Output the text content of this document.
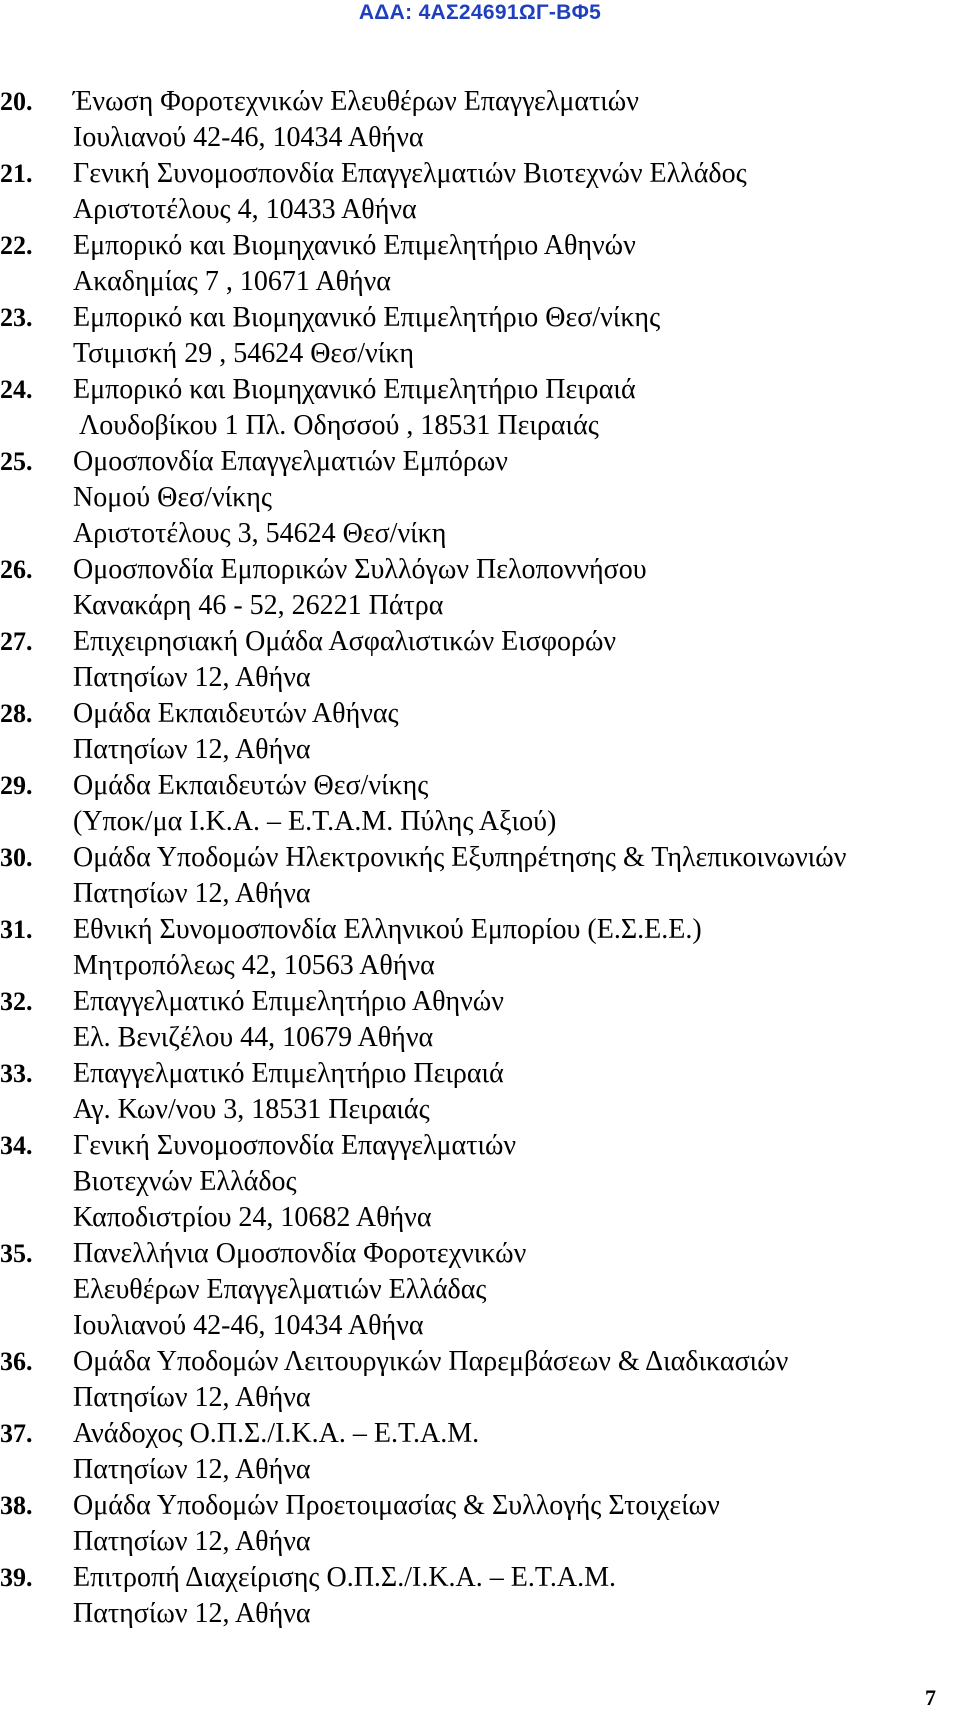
ΑΔΑ: 4ΑΣ24691ΩΓ-ΒΦ5
20.	Ένωση Φοροτεχνικών Ελευθέρων Επαγγελματιών
Ιουλιανού 42-46, 10434 Αθήνα
21.	Γενική Συνομοσπονδία Επαγγελματιών Βιοτεχνών Ελλάδος
Αριστοτέλους 4, 10433 Αθήνα
22.	Εμπορικό και Βιομηχανικό Επιμελητήριο Αθηνών
Ακαδημίας 7 , 10671 Αθήνα
23.	Εμπορικό και Βιομηχανικό Επιμελητήριο Θεσ/νίκης
Τσιμισκή 29 , 54624 Θεσ/νίκη
24.	Εμπορικό και Βιομηχανικό Επιμελητήριο Πειραιά
Λουδοβίκου 1 Πλ. Οδησσού , 18531 Πειραιάς
25.	Ομοσπονδία Επαγγελματιών Εμπόρων
Νομού Θεσ/νίκης
Αριστοτέλους 3, 54624 Θεσ/νίκη
26.	Ομοσπονδία Εμπορικών Συλλόγων Πελοποννήσου
Κανακάρη 46 - 52, 26221 Πάτρα
27.	Επιχειρησιακή Ομάδα Ασφαλιστικών Εισφορών
Πατησίων 12, Αθήνα
28.	Ομάδα Εκπαιδευτών Αθήνας
Πατησίων 12, Αθήνα
29.	Ομάδα Εκπαιδευτών Θεσ/νίκης
(Υποκ/μα Ι.Κ.Α. – Ε.Τ.Α.Μ. Πύλης Αξιού)
30.	Ομάδα Υποδομών Ηλεκτρονικής Εξυπηρέτησης & Τηλεπικοινωνιών
Πατησίων 12, Αθήνα
31.	Εθνική Συνομοσπονδία Ελληνικού Εμπορίου (Ε.Σ.Ε.Ε.)
Μητροπόλεως 42, 10563 Αθήνα
32.	Επαγγελματικό Επιμελητήριο Αθηνών
Ελ. Βενιζέλου 44, 10679 Αθήνα
33.	Επαγγελματικό Επιμελητήριο Πειραιά
Αγ. Κων/νου 3, 18531 Πειραιάς
34.	Γενική Συνομοσπονδία Επαγγελματιών
Βιοτεχνών Ελλάδος
Καποδιστρίου 24, 10682 Αθήνα
35.	Πανελλήνια Ομοσπονδία Φοροτεχνικών
Ελευθέρων Επαγγελματιών Ελλάδας
Ιουλιανού 42-46, 10434 Αθήνα
36.	Ομάδα Υποδομών Λειτουργικών Παρεμβάσεων & Διαδικασιών
Πατησίων 12, Αθήνα
37.	Ανάδοχος Ο.Π.Σ./Ι.Κ.Α. – Ε.Τ.Α.Μ.
Πατησίων 12, Αθήνα
38.	Ομάδα Υποδομών Προετοιμασίας & Συλλογής Στοιχείων
Πατησίων 12, Αθήνα
39.	Επιτροπή Διαχείρισης Ο.Π.Σ./Ι.Κ.Α. – Ε.Τ.Α.Μ.
Πατησίων 12, Αθήνα
7
